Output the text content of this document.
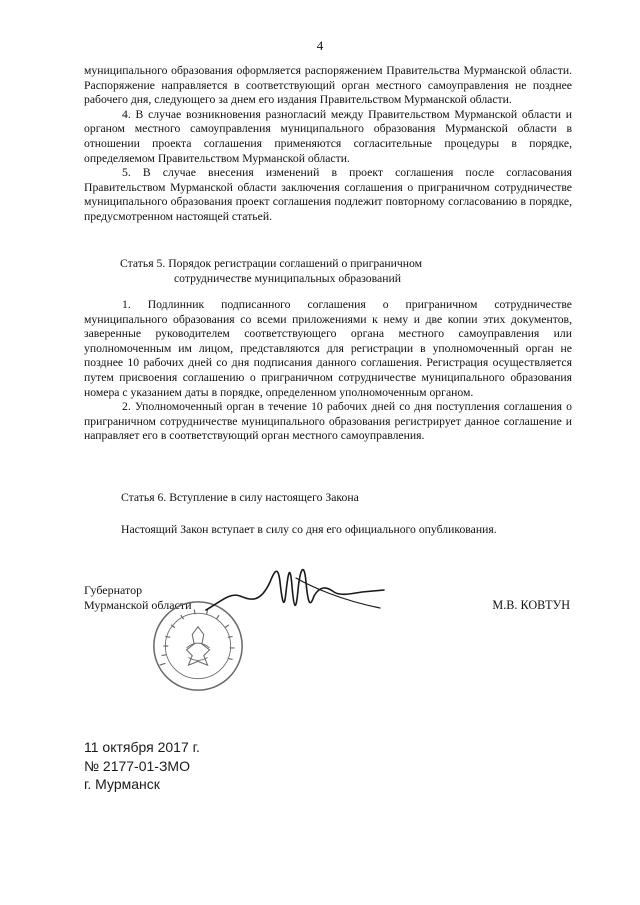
4

муниципального образования оформляется распоряжением Правительства Мурманской области. Распоряжение направляется в соответствующий орган местного самоуправления не позднее рабочего дня, следующего за днем его издания Правительством Мурманской области.

4. В случае возникновения разногласий между Правительством Мурманской области и органом местного самоуправления муниципального образования Мурманской области в отношении проекта соглашения применяются согласительные процедуры в порядке, определяемом Правительством Мурманской области.

5. В случае внесения изменений в проект соглашения после согласования Правительством Мурманской области заключения соглашения о приграничном сотрудничестве муниципального образования проект соглашения подлежит повторному согласованию в порядке, предусмотренном настоящей статьей.

Статья 5. Порядок регистрации соглашений о приграничном
сотрудничестве муниципальных образований

1. Подлинник подписанного соглашения о приграничном сотрудничестве муниципального образования со всеми приложениями к нему и две копии этих документов, заверенные руководителем соответствующего органа местного самоуправления или уполномоченным им лицом, представляются для регистрации в уполномоченный орган не позднее 10 рабочих дней со дня подписания данного соглашения. Регистрация осуществляется путем присвоения соглашению о приграничном сотрудничестве муниципального образования номера с указанием даты в порядке, определенном уполномоченным органом.

2. Уполномоченный орган в течение 10 рабочих дней со дня поступления соглашения о приграничном сотрудничестве муниципального образования регистрирует данное соглашение и направляет его в соответствующий орган местного самоуправления.

Статья 6. Вступление в силу настоящего Закона
Настоящий Закон вступает в силу со дня его официального опубликования.
Губернатор
Мурманской области	М.В. КОВТУН
11 октября 2017 г.
№ 2177-01-ЗМО
г. Мурманск
